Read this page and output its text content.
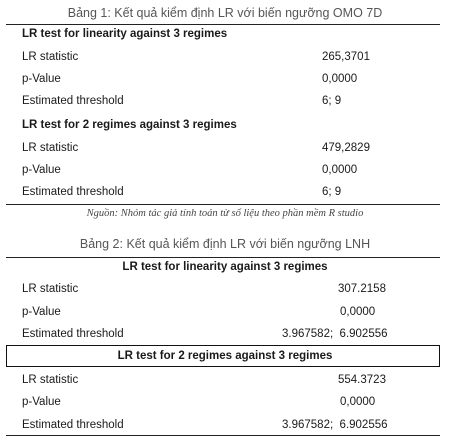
Bảng 1: Kết quả kiểm định LR với biến ngưỡng OMO 7D
LR test for linearity against 3 regimes
LR statistic	265,3701
p-Value	0,0000
Estimated threshold	6; 9
LR test for 2 regimes against 3 regimes
LR statistic	479,2829
p-Value	0,0000
Estimated threshold	6; 9
Nguồn: Nhóm tác giả tính toán từ số liệu theo phần mềm R studio
Bảng 2: Kết quả kiểm định LR với biến ngưỡng LNH
LR test for linearity against 3 regimes
LR statistic	307.2158
p-Value	0,0000
Estimated threshold	3.967582;  6.902556
LR test for 2 regimes against 3 regimes
LR statistic	554.3723
p-Value	0,0000
Estimated threshold	3.967582;  6.902556
